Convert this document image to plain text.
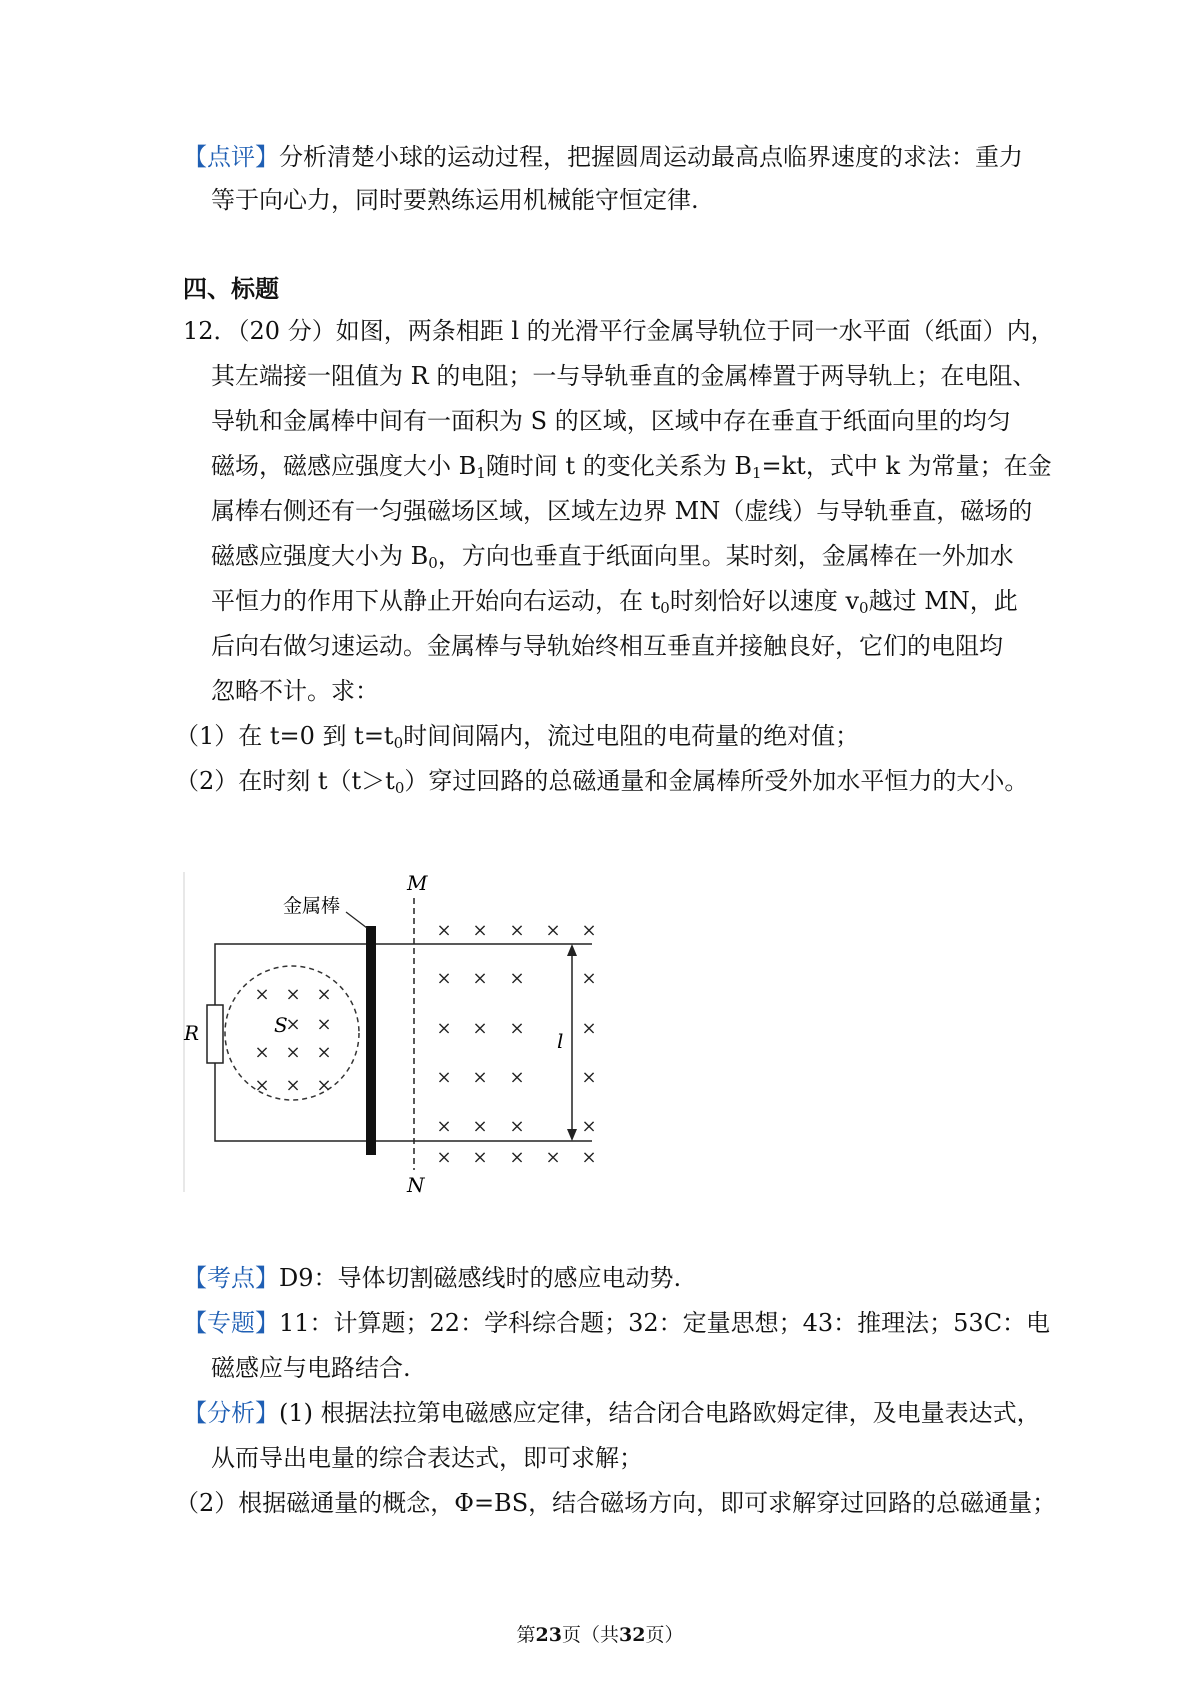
【点评】分析清楚小球的运动过程，把握圆周运动最高点临界速度的求法：重力
等于向心力，同时要熟练运用机械能守恒定律.
四、标题
12．（20 分）如图，两条相距 l 的光滑平行金属导轨位于同一水平面（纸面）内，
其左端接一阻值为 R 的电阻；一与导轨垂直的金属棒置于两导轨上；在电阻、
导轨和金属棒中间有一面积为 S 的区域，区域中存在垂直于纸面向里的均匀
磁场，磁感应强度大小 $B_1$随时间 t 的变化关系为 $B_1=kt$，式中 k 为常量；在金
属棒右侧还有一匀强磁场区域，区域左边界 MN（虚线）与导轨垂直，磁场的
磁感应强度大小为 $B_0$，方向也垂直于纸面向里。某时刻，金属棒在一外加水
平恒力的作用下从静止开始向右运动，在 $t_0$时刻恰好以速度 $v_0$越过 MN，此
后向右做匀速运动。金属棒与导轨始终相互垂直并接触良好，它们的电阻均
忽略不计。求：
（1）在 t=0 到 $t=t_0$时间间隔内，流过电阻的电荷量的绝对值；
（2）在时刻 $t(t>t_0)$穿过回路的总磁通量和金属棒所受外加水平恒力的大小。
R	S
金属棒
M
N
l
× × × × ×
× × ×	×
× × ×	×
× × ×	×
× × ×	×
× × × × ×
× × ×
× ×
× × ×
× × ×
【考点】D9：导体切割磁感线时的感应电动势.
【专题】11：计算题；22：学科综合题；32：定量思想；43：推理法；53C：电
磁感应与电路结合.
【分析】(1) 根据法拉第电磁感应定律，结合闭合电路欧姆定律，及电量表达式，
从而导出电量的综合表达式，即可求解；
（2）根据磁通量的概念，Φ=BS，结合磁场方向，即可求解穿过回路的总磁通量；
第23页（共32页）
